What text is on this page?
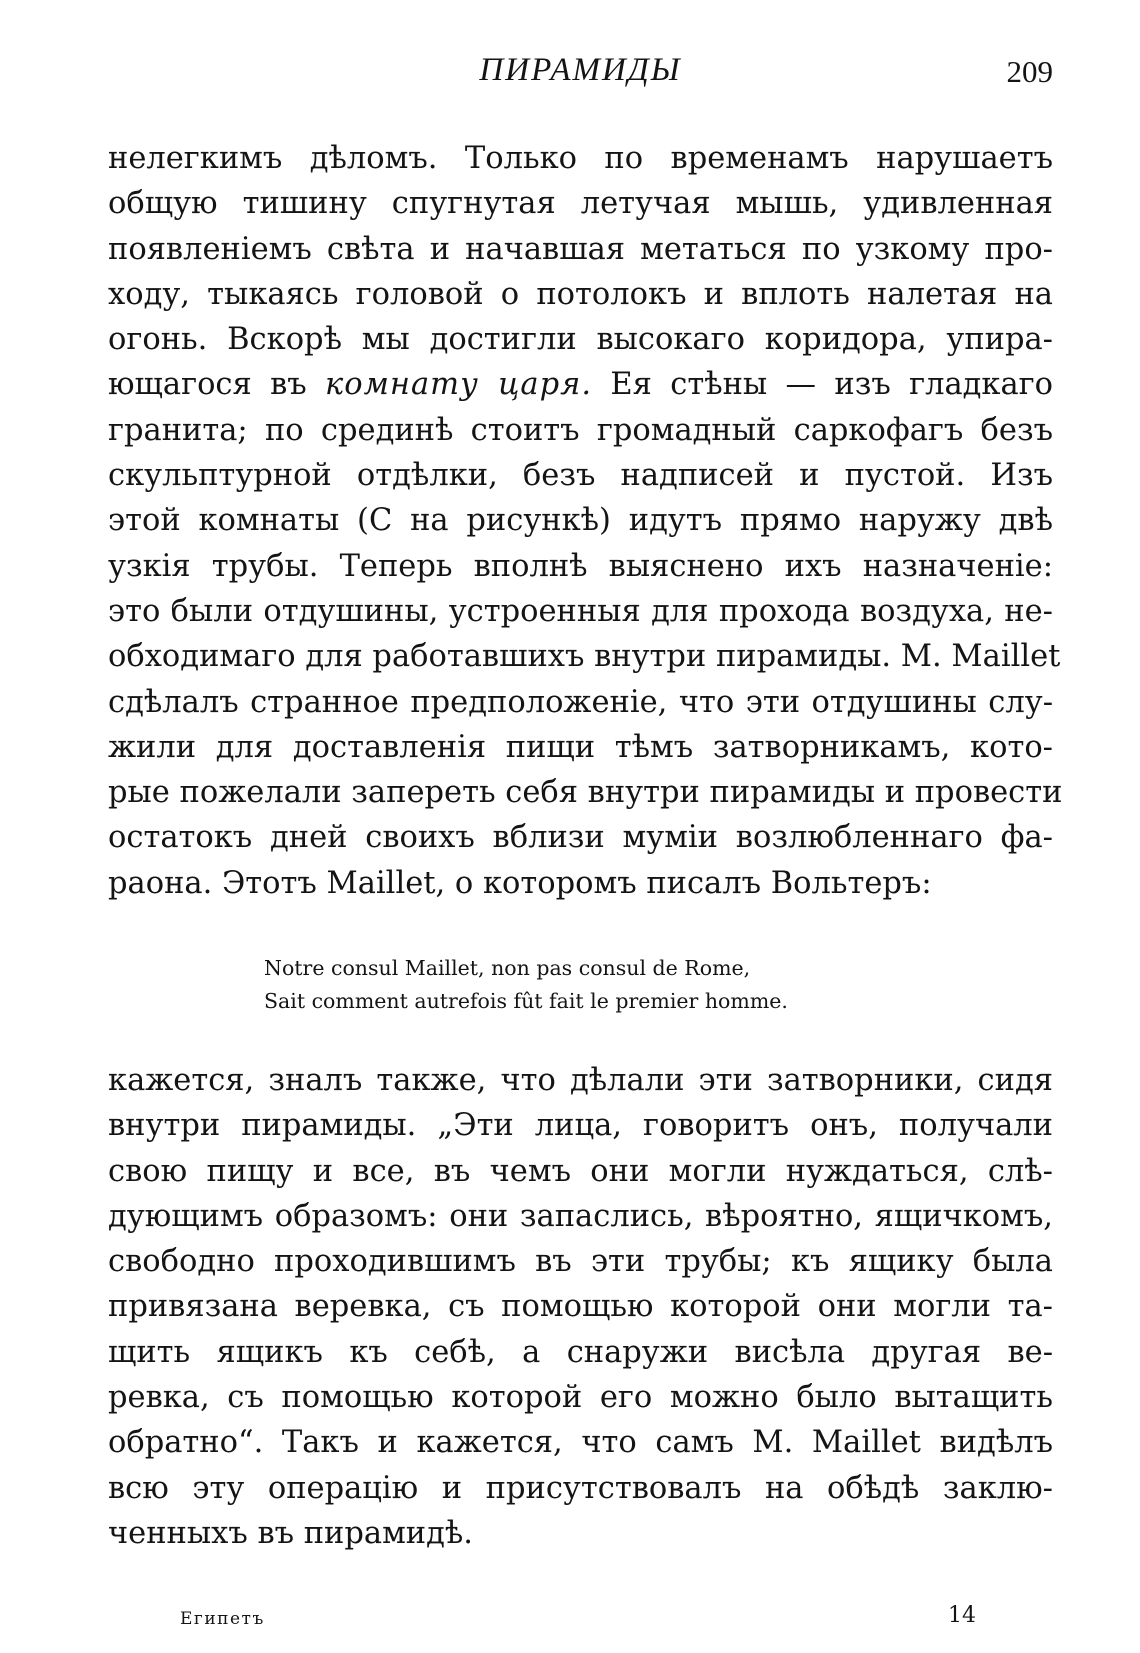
ПИРАМИДЫ	209
нелегкимъ дѣломъ. Только по временамъ нарушаетъ
общую тишину спугнутая летучая мышь, удивленная
появленіемъ свѣта и начавшая метаться по узкому про-
ходу, тыкаясь головой о потолокъ и вплоть налетая на
огонь. Вскорѣ мы достигли высокаго коридора, упира-
ющагося въ комнату царя. Ея стѣны — изъ гладкаго
гранита; по срединѣ стоитъ громадный саркофагъ безъ
скульптурной отдѣлки, безъ надписей и пустой. Изъ
этой комнаты (С на рисункѣ) идутъ прямо наружу двѣ
узкія трубы. Теперь вполнѣ выяснено ихъ назначеніе:
это были отдушины, устроенныя для прохода воздуха, не-
обходимаго для работавшихъ внутри пирамиды. M. Maillet
сдѣлалъ странное предположеніе, что эти отдушины слу-
жили для доставленія пищи тѣмъ затворникамъ, кото-
рые пожелали запереть себя внутри пирамиды и провести
остатокъ дней своихъ вблизи муміи возлюбленнаго фа-
раона. Этотъ Maillet, о которомъ писалъ Вольтеръ:
Notre consul Maillet, non pas consul de Rome,
Sait comment autrefois fût fait le premier homme.
кажется, зналъ также, что дѣлали эти затворники, сидя
внутри пирамиды. „Эти лица, говоритъ онъ, получали
свою пищу и все, въ чемъ они могли нуждаться, слѣ-
дующимъ образомъ: они запаслись, вѣроятно, ящичкомъ,
свободно проходившимъ въ эти трубы; къ ящику была
привязана веревка, съ помощью которой они могли та-
щить ящикъ къ себѣ, а снаружи висѣла другая ве-
ревка, съ помощью которой его можно было вытащить
обратно“. Такъ и кажется, что самъ M. Maillet видѣлъ
всю эту операцію и присутствовалъ на обѣдѣ заклю-
ченныхъ въ пирамидѣ.
Египетъ	14
